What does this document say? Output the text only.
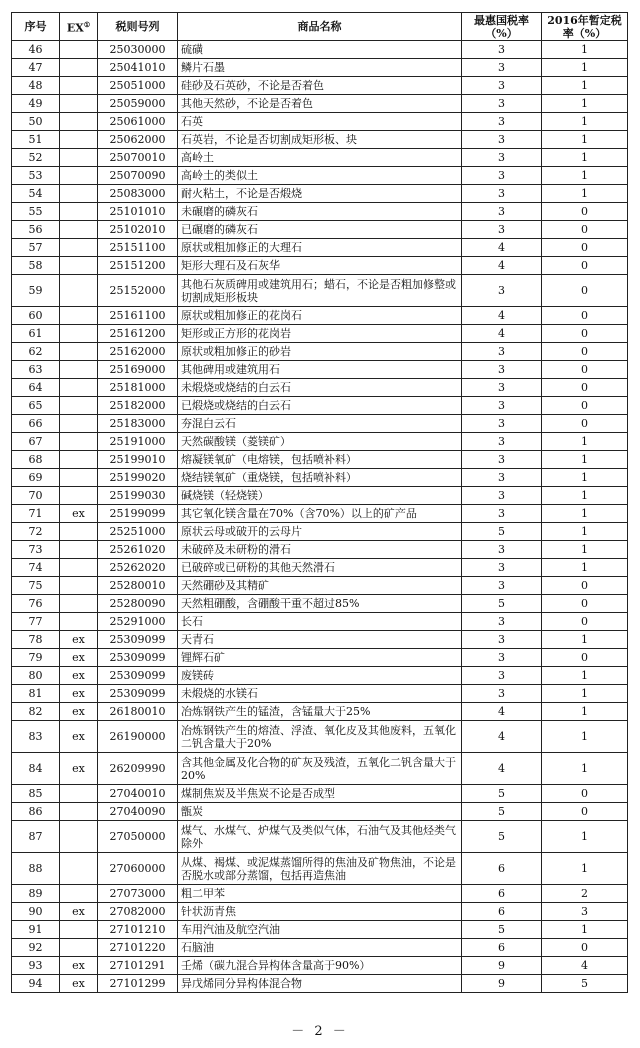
序号	EX①	税则号列	商品名称	最惠国税率（%）	2016年暂定税率（%）
46		25030000	硫磺	3	1
47		25041010	鳞片石墨	3	1
48		25051000	硅砂及石英砂，不论是否着色	3	1
49		25059000	其他天然砂，不论是否着色	3	1
50		25061000	石英	3	1
51		25062000	石英岩，不论是否切割成矩形板、块	3	1
52		25070010	高岭土	3	1
53		25070090	高岭土的类似土	3	1
54		25083000	耐火粘土，不论是否煅烧	3	1
55		25101010	未碾磨的磷灰石	3	0
56		25102010	已碾磨的磷灰石	3	0
57		25151100	原状或粗加修正的大理石	4	0
58		25151200	矩形大理石及石灰华	4	0
59		25152000	其他石灰质碑用或建筑用石；蜡石，不论是否粗加修整或切割成矩形板块	3	0
60		25161100	原状或粗加修正的花岗石	4	0
61		25161200	矩形或正方形的花岗岩	4	0
62		25162000	原状或粗加修正的砂岩	3	0
63		25169000	其他碑用或建筑用石	3	0
64		25181000	未煅烧或烧结的白云石	3	0
65		25182000	已煅烧或烧结的白云石	3	0
66		25183000	夯混白云石	3	0
67		25191000	天然碳酸镁（菱镁矿）	3	1
68		25199010	熔凝镁氧矿（电熔镁，包括喷补料）	3	1
69		25199020	烧结镁氧矿（重烧镁，包括喷补料）	3	1
70		25199030	碱烧镁（轻烧镁）	3	1
71	ex	25199099	其它氧化镁含量在70%（含70%）以上的矿产品	3	1
72		25251000	原状云母或破开的云母片	5	1
73		25261020	未破碎及未研粉的滑石	3	1
74		25262020	已破碎或已研粉的其他天然滑石	3	1
75		25280010	天然硼砂及其精矿	3	0
76		25280090	天然粗硼酸，含硼酸干重不超过85%	5	0
77		25291000	长石	3	0
78	ex	25309099	天青石	3	1
79	ex	25309099	锂辉石矿	3	0
80	ex	25309099	废镁砖	3	1
81	ex	25309099	未煅烧的水镁石	3	1
82	ex	26180010	冶炼钢铁产生的锰渣，含锰量大于25%	4	1
83	ex	26190000	冶炼钢铁产生的熔渣、浮渣、氧化皮及其他废料，五氧化二钒含量大于20%	4	1
84	ex	26209990	含其他金属及化合物的矿灰及残渣，五氧化二钒含量大于20%	4	1
85		27040010	煤制焦炭及半焦炭不论是否成型	5	0
86		27040090	甑炭	5	0
87		27050000	煤气、水煤气、炉煤气及类似气体，石油气及其他烃类气除外	5	1
88		27060000	从煤、褐煤、或泥煤蒸馏所得的焦油及矿物焦油，不论是否脱水或部分蒸馏，包括再造焦油	6	1
89		27073000	粗二甲苯	6	2
90	ex	27082000	针状沥青焦	6	3
91		27101210	车用汽油及航空汽油	5	1
92		27101220	石脑油	6	0
93	ex	27101291	壬烯（碳九混合异构体含量高于90%）	9	4
94	ex	27101299	异戊烯同分异构体混合物	9	5
－ 2 －
